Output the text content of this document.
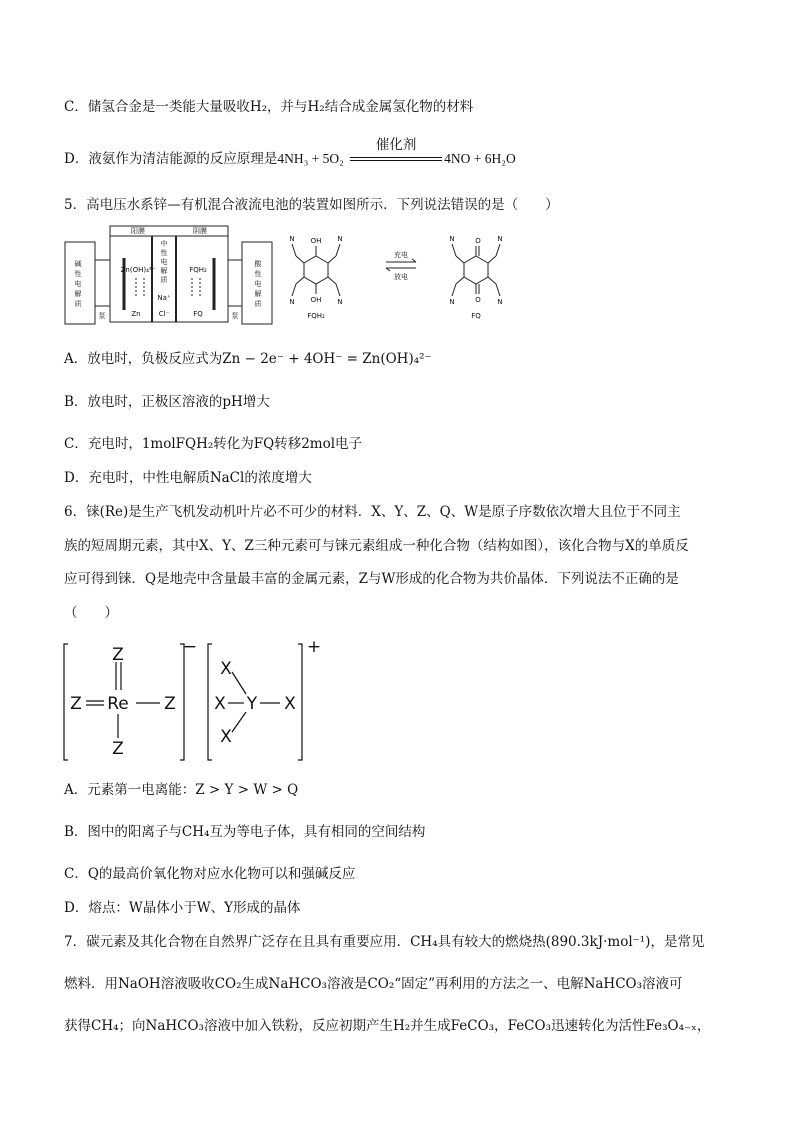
C．储氢合金是一类能大量吸收H₂，并与H₂结合成金属氢化物的材料
D．液氨作为清洁能源的反应原理是4NH₃ + 5O₂
催化剂
4NO + 6H₂O
5．高电压水系锌—有机混合液流电池的装置如图所示．下列说法错误的是（　　）
碱
性
电
解
质
酸
性
电
解
质
中
性
电
解
质
阳膜	阴膜
泵	泵
Zn(OH)₄²⁻
Zn
Na⁺
Cl⁻
FQH₂
FQ
OH
OH
N	N
N	N
FQH₂
充电
放电
O
O
N	N
N	N
FQ
A．放电时，负极反应式为Zn − 2e⁻ + 4OH⁻ = Zn(OH)₄²⁻
B．放电时，正极区溶液的pH增大
C．充电时，1molFQH₂转化为FQ转移2mol电子
D．充电时，中性电解质NaCl的浓度增大
6．铼(Re)是生产飞机发动机叶片必不可少的材料．X、Y、Z、Q、W是原子序数依次增大且位于不同主
族的短周期元素，其中X、Y、Z三种元素可与铼元素组成一种化合物（结构如图），该化合物与X的单质反
应可得到铼．Q是地壳中含量最丰富的金属元素，Z与W形成的化合物为共价晶体．下列说法不正确的是
（　　）
Z
Re
Z	Z
Z
−
X
X Y X
X
+
A．元素第一电离能：Z > Y > W > Q
B．图中的阳离子与CH₄互为等电子体，具有相同的空间结构
C．Q的最高价氧化物对应水化物可以和强碱反应
D．熔点：W晶体小于W、Y形成的晶体
7．碳元素及其化合物在自然界广泛存在且具有重要应用．CH₄具有较大的燃烧热(890.3kJ·mol⁻¹)，是常见
燃料．用NaOH溶液吸收CO₂生成NaHCO₃溶液是CO₂“固定”再利用的方法之一、电解NaHCO₃溶液可
获得CH₄；向NaHCO₃溶液中加入铁粉，反应初期产生H₂并生成FeCO₃，FeCO₃迅速转化为活性Fe₃O₄₋ₓ，
